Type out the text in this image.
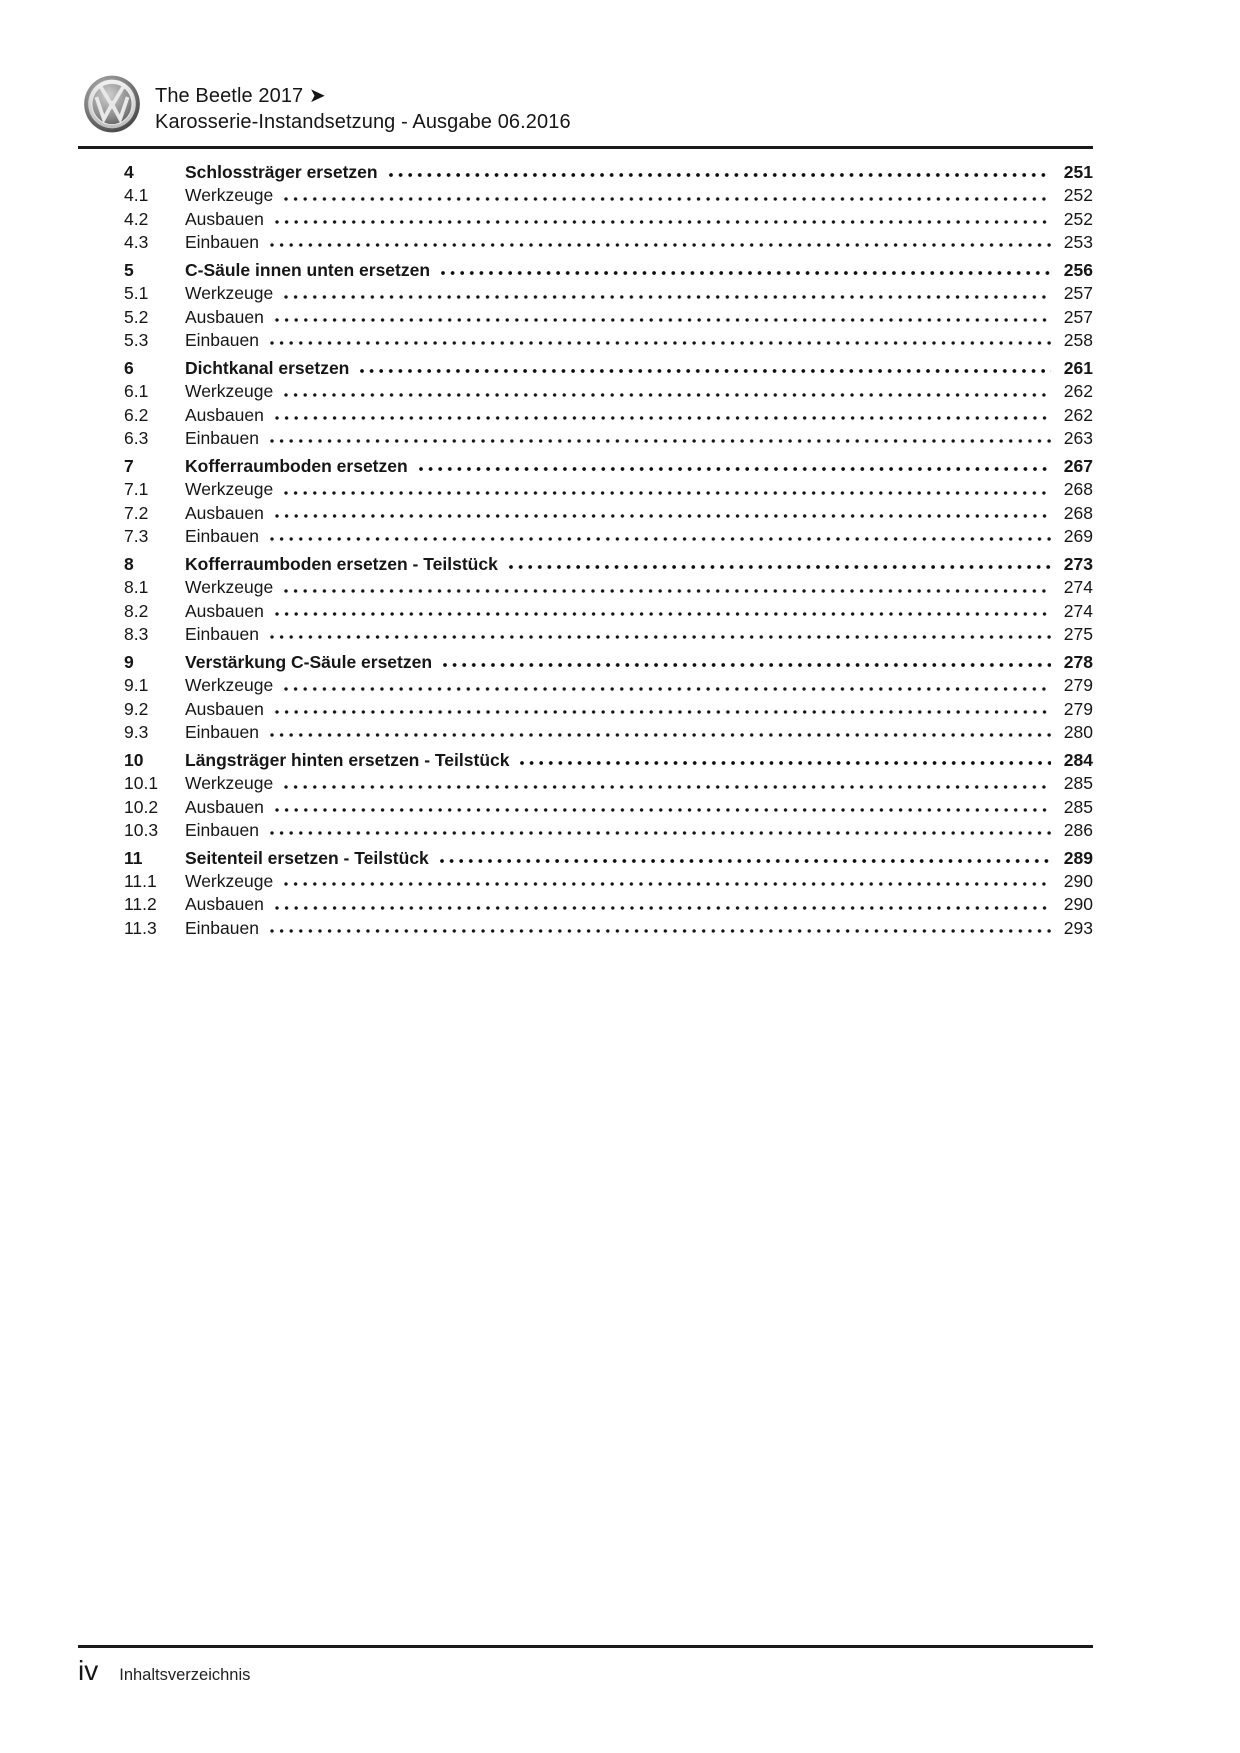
The Beetle 2017 ➤
Karosserie-Instandsetzung - Ausgabe 06.2016
4	Schlossträger ersetzen	251
4.1	Werkzeuge	252
4.2	Ausbauen	252
4.3	Einbauen	253
5	C-Säule innen unten ersetzen	256
5.1	Werkzeuge	257
5.2	Ausbauen	257
5.3	Einbauen	258
6	Dichtkanal ersetzen	261
6.1	Werkzeuge	262
6.2	Ausbauen	262
6.3	Einbauen	263
7	Kofferraumboden ersetzen	267
7.1	Werkzeuge	268
7.2	Ausbauen	268
7.3	Einbauen	269
8	Kofferraumboden ersetzen - Teilstück	273
8.1	Werkzeuge	274
8.2	Ausbauen	274
8.3	Einbauen	275
9	Verstärkung C-Säule ersetzen	278
9.1	Werkzeuge	279
9.2	Ausbauen	279
9.3	Einbauen	280
10	Längsträger hinten ersetzen - Teilstück	284
10.1	Werkzeuge	285
10.2	Ausbauen	285
10.3	Einbauen	286
11	Seitenteil ersetzen - Teilstück	289
11.1	Werkzeuge	290
11.2	Ausbauen	290
11.3	Einbauen	293
iv Inhaltsverzeichnis
